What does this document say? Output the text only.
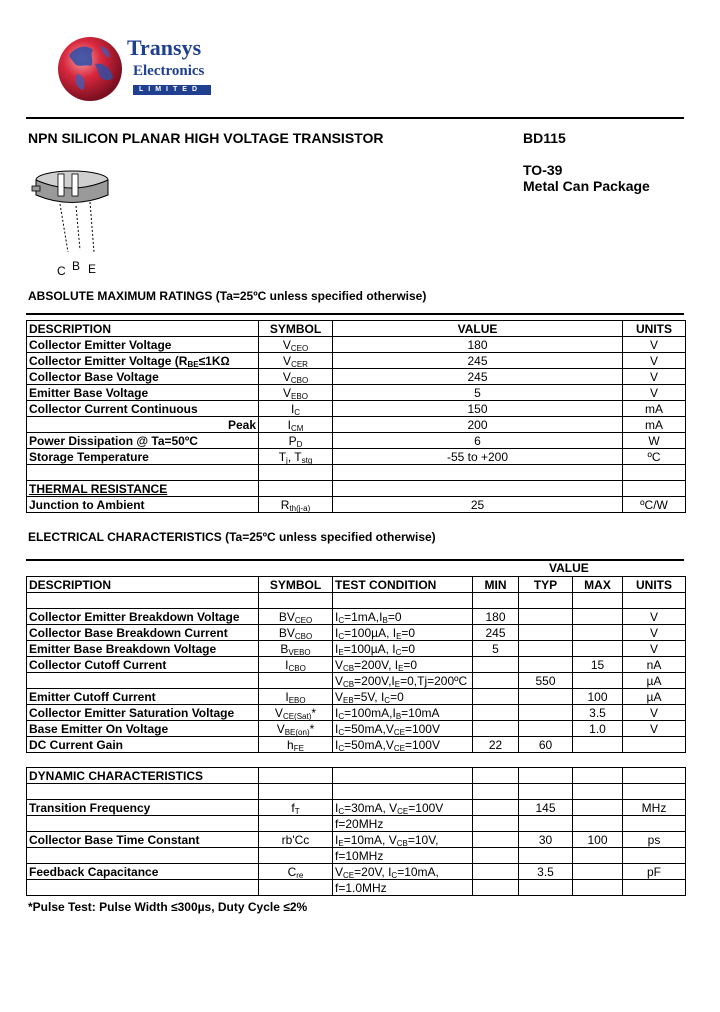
Transys
Electronics
LIMITED
NPN SILICON PLANAR HIGH VOLTAGE TRANSISTOR	BD115
TO-39
Metal Can Package
C B E
ABSOLUTE MAXIMUM RATINGS (Ta=25ºC unless specified otherwise)
DESCRIPTION	SYMBOL	VALUE	UNITS
Collector Emitter Voltage	$V_{CEO}$	180	V
Collector Emitter Voltage ($R_{BE}\le 1KΩ$	$V_{CER}$	245	V
Collector Base Voltage	$V_{CBO}$	245	V
Emitter Base Voltage	$V_{EBO}$	5	V
Collector Current Continuous	$I_C$	150	mA
Peak	$I_{CM}$	200	mA
Power Dissipation @ Ta=50ºC	$P_D$	6	W
Storage Temperature	$T_j$, $T_{stg}$	-55 to +200	ºC

THERMAL RESISTANCE			
Junction to Ambient	$R_{th(j-a)}$	25	ºC/W
ELECTRICAL CHARACTERISTICS (Ta=25ºC unless specified otherwise)
VALUE
DESCRIPTION	SYMBOL	TEST CONDITION	MIN	TYP	MAX	UNITS

Collector Emitter Breakdown Voltage	$BV_{CEO}$	$I_C=1mA,I_B=0$	180			V
Collector Base Breakdown Current	$BV_{CBO}$	$I_C=100\mu A$, $I_E=0$	245			V
Emitter Base Breakdown Voltage	$B_{VEBO}$	$I_E=100\mu A$, $I_C=0$	5			V
Collector Cutoff Current	$I_{CBO}$	$V_{CB}=200V$, $I_E=0$			15	nA
		$V_{CB}=200V,I_E=0,Tj=200ºC$		550		µA
Emitter Cutoff Current	$I_{EBO}$	$V_{EB}=5V$, $I_C=0$			100	µA
Collector Emitter Saturation Voltage	$V_{CE(Sat)}*$	$I_C=100mA,I_B=10mA$			3.5	V
Base Emitter On Voltage	$V_{BE(on)}*$	$I_C=50mA,V_{CE}=100V$			1.0	V
DC Current Gain	$h_{FE}$	$I_C=50mA,V_{CE}=100V$	22	60		
DYNAMIC CHARACTERISTICS						

Transition Frequency	$f_T$	$I_C=30mA$, $V_{CE}=100V$		145		MHz
		f=20MHz				
Collector Base Time Constant	rb'Cc	$I_E=10mA$, $V_{CB}=10V$,		30	100	ps
		f=10MHz				
Feedback Capacitance	$C_{re}$	$V_{CE}=20V$, $I_C=10mA$,		3.5		pF
		f=1.0MHz				
*Pulse Test: Pulse Width ≤300µs, Duty Cycle ≤2%
